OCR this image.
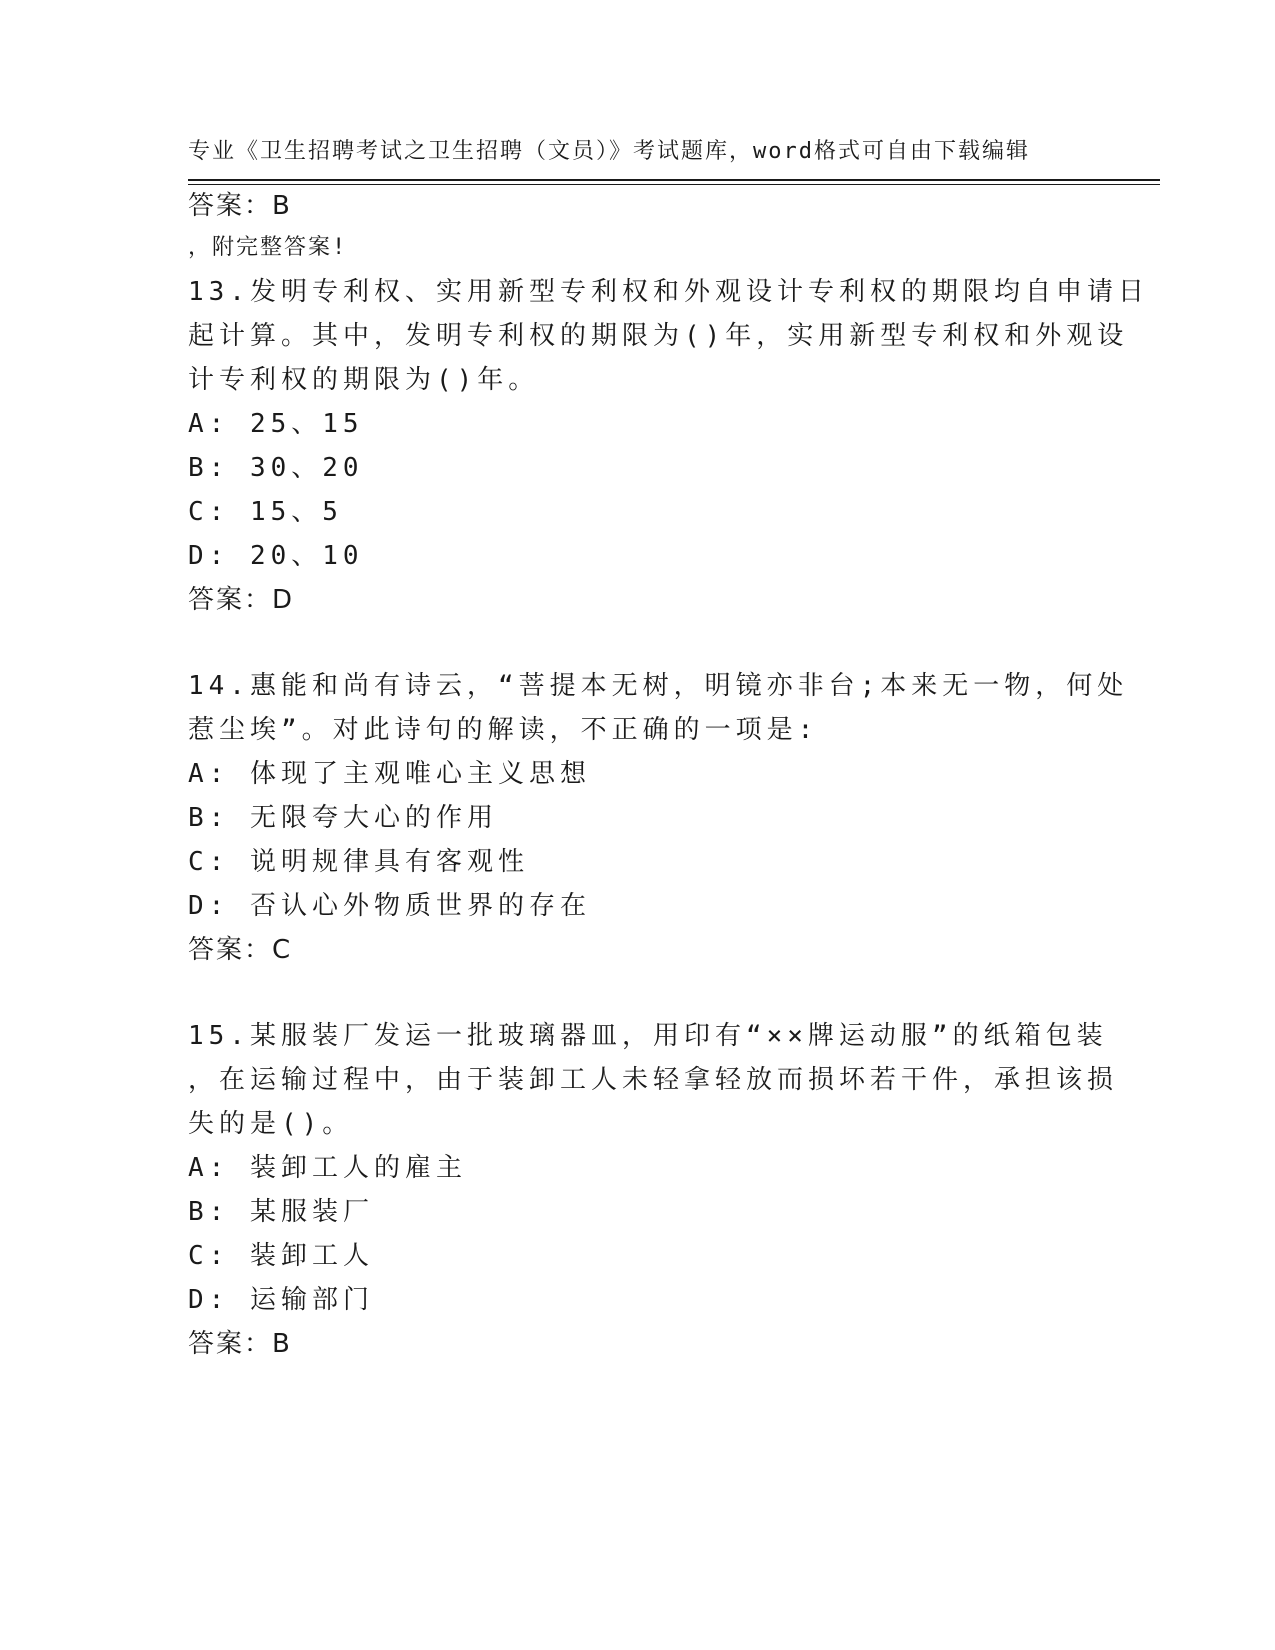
专业《卫生招聘考试之卫生招聘（文员）》考试题库，word格式可自由下载编辑

，附完整答案!

答案：B
13.发明专利权、实用新型专利权和外观设计专利权的期限均自申请日
起计算。其中，发明专利权的期限为()年，实用新型专利权和外观设
计专利权的期限为()年。
A: 25、15
B: 30、20
C: 15、5
D: 20、10
答案：D
14.惠能和尚有诗云，“菩提本无树，明镜亦非台;本来无一物，何处
惹尘埃”。对此诗句的解读，不正确的一项是:
A: 体现了主观唯心主义思想
B: 无限夸大心的作用
C: 说明规律具有客观性
D: 否认心外物质世界的存在
答案：C
15.某服装厂发运一批玻璃器皿，用印有“××牌运动服”的纸箱包装
，在运输过程中，由于装卸工人未轻拿轻放而损坏若干件，承担该损
失的是()。
A: 装卸工人的雇主
B: 某服装厂
C: 装卸工人
D: 运输部门
答案：B
